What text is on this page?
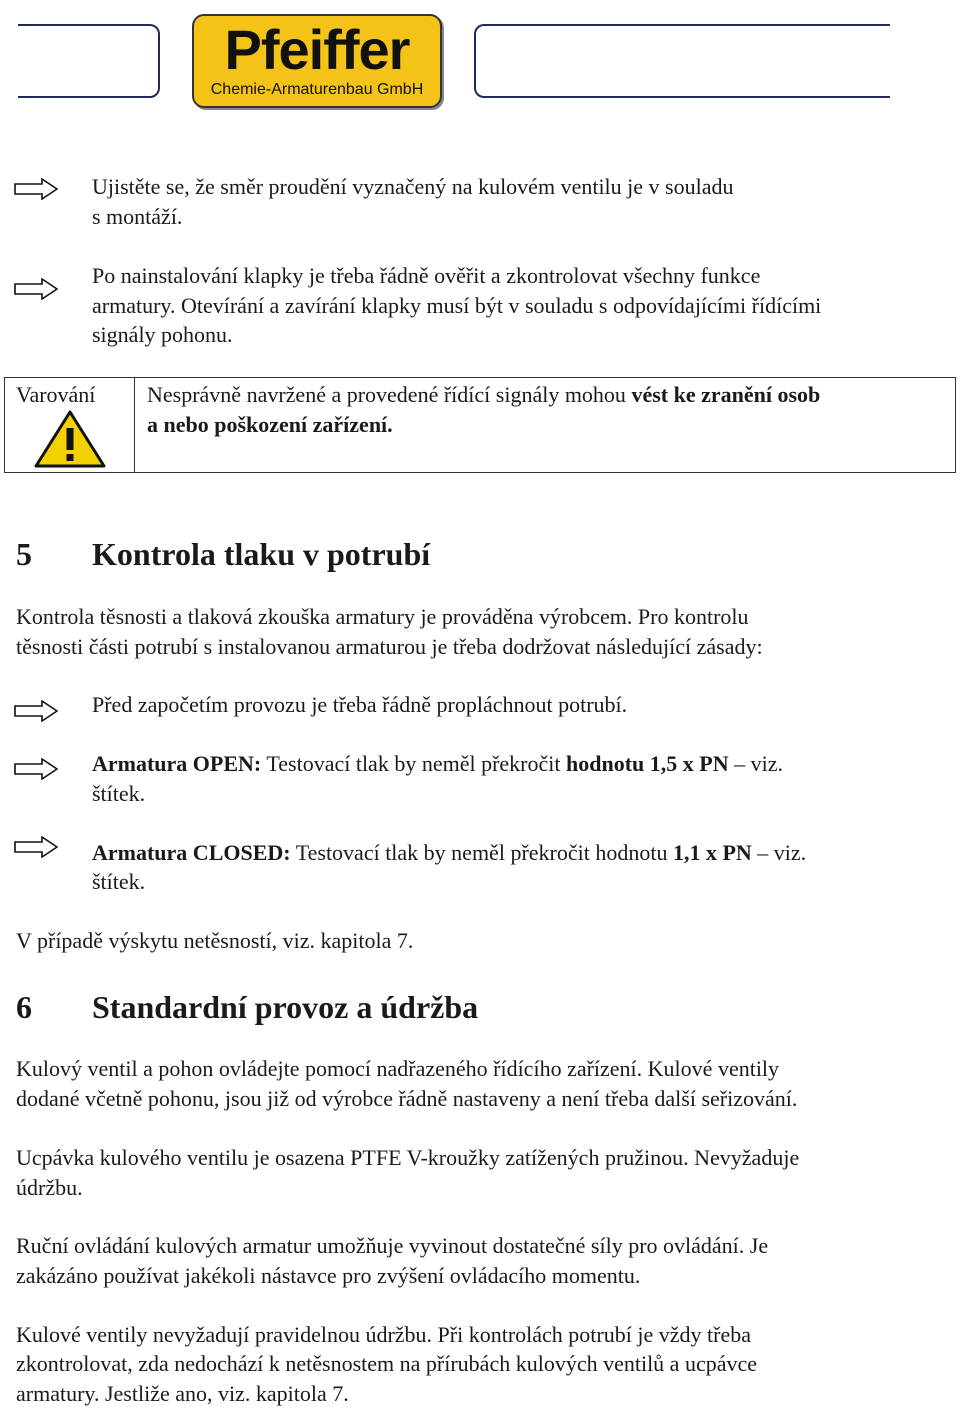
Pfeiffer
Chemie-Armaturenbau GmbH
Ujistěte se, že směr proudění vyznačený na kulovém ventilu je v souladu
s montáží.
Po nainstalování klapky je třeba řádně ověřit a zkontrolovat všechny funkce
armatury. Otevírání a zavírání klapky musí být v souladu s odpovídajícími řídícími
signály pohonu.
Varování Nesprávně navržené a provedené řídící signály mohou vést ke zranění osob
a nebo poškození zařízení.
5 Kontrola tlaku v potrubí
Kontrola těsnosti a tlaková zkouška armatury je prováděna výrobcem. Pro kontrolu
těsnosti části potrubí s instalovanou armaturou je třeba dodržovat následující zásady:
Před započetím provozu je třeba řádně propláchnout potrubí.
Armatura OPEN: Testovací tlak by neměl překročit hodnotu 1,5 x PN – viz.
štítek.
Armatura CLOSED: Testovací tlak by neměl překročit hodnotu 1,1 x PN – viz.
štítek.
V případě výskytu netěsností, viz. kapitola 7.
6 Standardní provoz a údržba
Kulový ventil a pohon ovládejte pomocí nadřazeného řídícího zařízení. Kulové ventily
dodané včetně pohonu, jsou již od výrobce řádně nastaveny a není třeba další seřizování.
Ucpávka kulového ventilu je osazena PTFE V-kroužky zatížených pružinou. Nevyžaduje
údržbu.
Ruční ovládání kulových armatur umožňuje vyvinout dostatečné síly pro ovládání. Je
zakázáno používat jakékoli nástavce pro zvýšení ovládacího momentu.
Kulové ventily nevyžadují pravidelnou údržbu. Při kontrolách potrubí je vždy třeba
zkontrolovat, zda nedochází k netěsnostem na přírubách kulových ventilů a ucpávce
armatury. Jestliže ano, viz. kapitola 7.
